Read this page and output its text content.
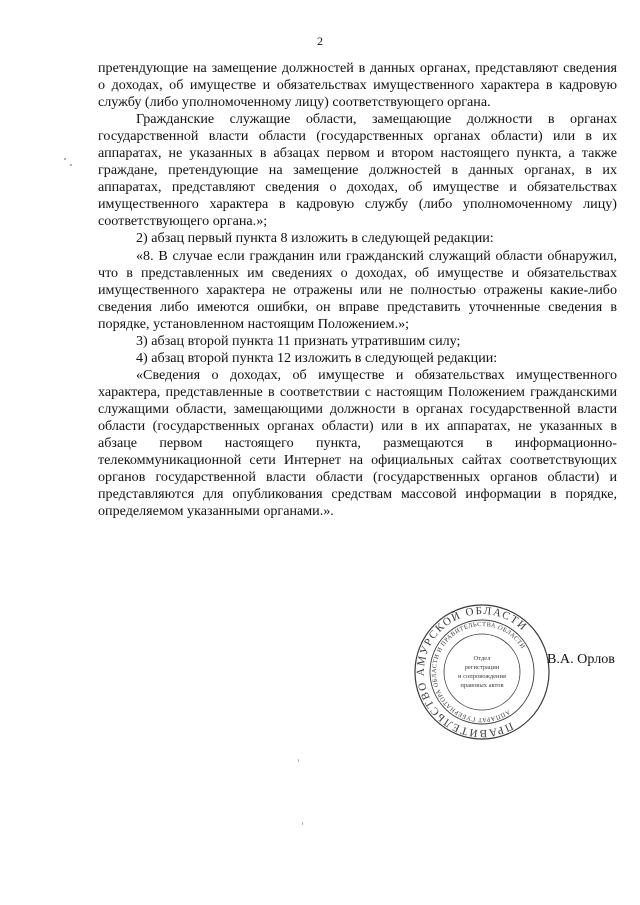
2

претендующие на замещение должностей в данных органах, представляют сведения о доходах, об имуществе и обязательствах имущественного характера в кадровую службу (либо уполномоченному лицу) соответствующего органа.

Гражданские служащие области, замещающие должности в органах государственной власти области (государственных органах области) или в их аппаратах, не указанных в абзацах первом и втором настоящего пункта, а также граждане, претендующие на замещение должностей в данных органах, в их аппаратах, представляют сведения о доходах, об имуществе и обязательствах имущественного характера в кадровую службу (либо уполномоченному лицу) соответствующего органа.»;

2) абзац первый пункта 8 изложить в следующей редакции:

«8. В случае если гражданин или гражданский служащий области обнаружил, что в представленных им сведениях о доходах, об имуществе и обязательствах имущественного характера не отражены или не полностью отражены какие-либо сведения либо имеются ошибки, он вправе представить уточненные сведения в порядке, установленном настоящим Положением.»;

3) абзац второй пункта 11 признать утратившим силу;

4) абзац второй пункта 12 изложить в следующей редакции:

«Сведения о доходах, об имуществе и обязательствах имущественного характера, представленные в соответствии с настоящим Положением гражданскими служащими области, замещающими должности в органах государственной власти области (государственных органах области) или в их аппаратах, не указанных в абзаце первом настоящего пункта, размещаются в информационно-телекоммуникационной сети Интернет на официальных сайтах соответствующих органов государственной власти области (государственных органов области) и представляются для опубликования средствам массовой информации в порядке, определяемом указанными органами.».

ПРАВИТЕЛЬСТВО АМУРСКОЙ ОБЛАСТИ
АППАРАТ ГУБЕРНАТОРА ОБЛАСТИ И ПРАВИТЕЛЬСТВА ОБЛАСТИ
Отдел
регистрации
и сопровождения
правовых актов
В.А. Орлов
